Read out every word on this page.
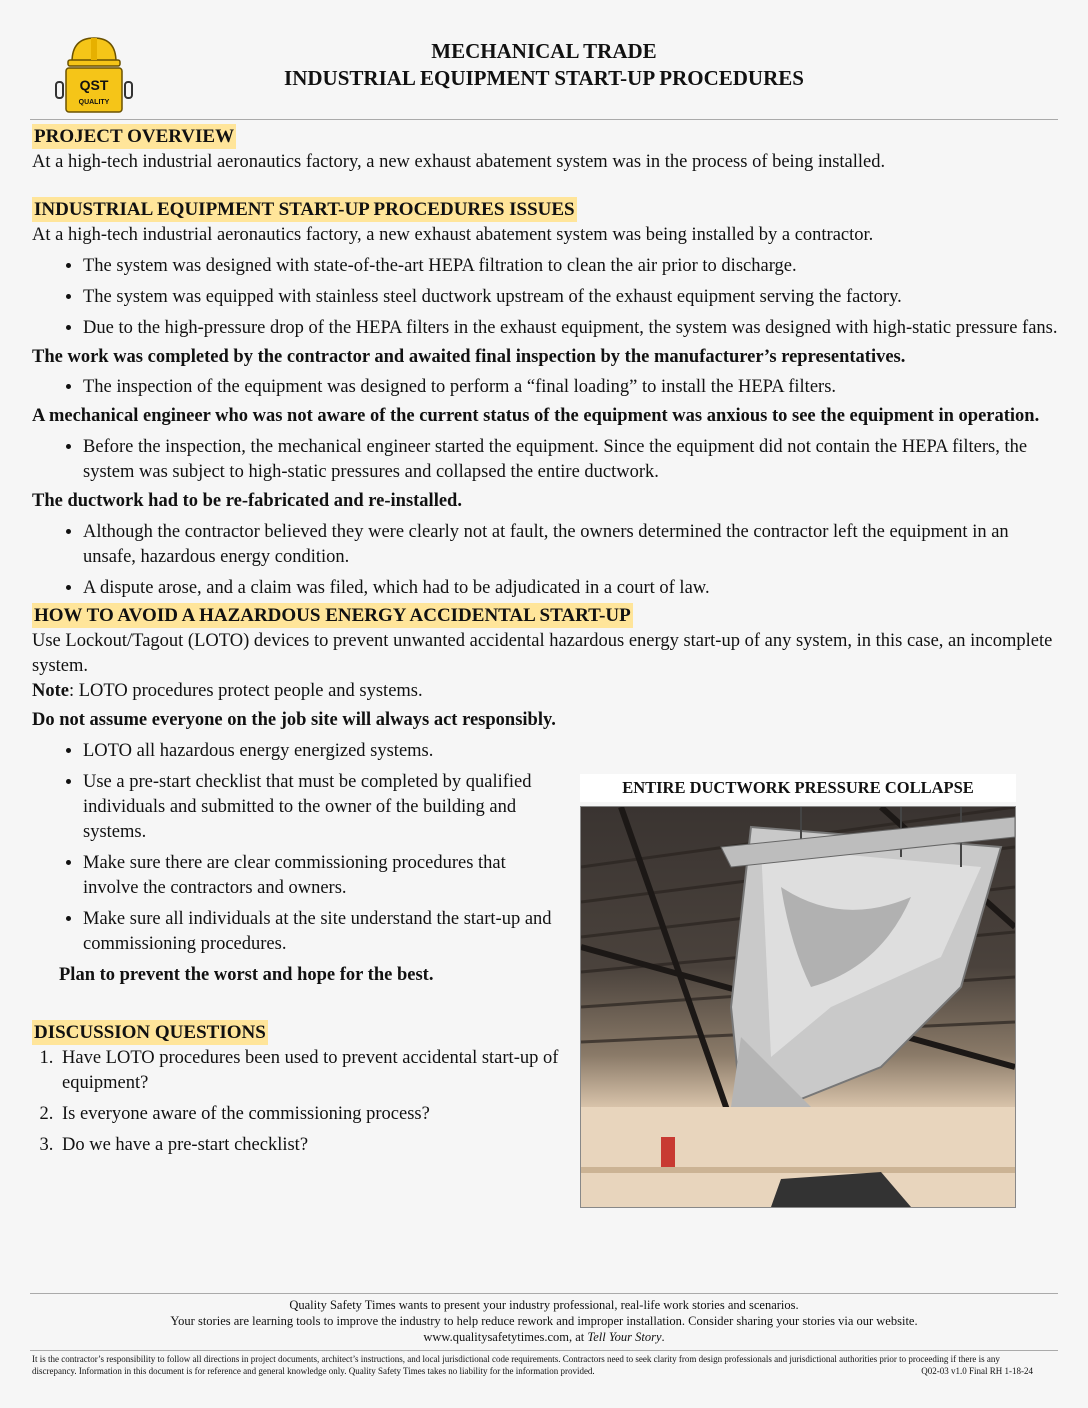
QST
QUALITY
MECHANICAL TRADE
INDUSTRIAL EQUIPMENT START-UP PROCEDURES
PROJECT OVERVIEW

At a high-tech industrial aeronautics factory, a new exhaust abatement system was in the process of being installed.

INDUSTRIAL EQUIPMENT START-UP PROCEDURES ISSUES

At a high-tech industrial aeronautics factory, a new exhaust abatement system was being installed by a contractor.

• The system was designed with state-of-the-art HEPA filtration to clean the air prior to discharge.
• The system was equipped with stainless steel ductwork upstream of the exhaust equipment serving the factory.
• Due to the high-pressure drop of the HEPA filters in the exhaust equipment, the system was designed with high-static pressure fans.

The work was completed by the contractor and awaited final inspection by the manufacturer’s representatives.

• The inspection of the equipment was designed to perform a “final loading” to install the HEPA filters.

A mechanical engineer who was not aware of the current status of the equipment was anxious to see the equipment in operation.

• Before the inspection, the mechanical engineer started the equipment. Since the equipment did not contain the HEPA filters, the system was subject to high-static pressures and collapsed the entire ductwork.

The ductwork had to be re-fabricated and re-installed.

• Although the contractor believed they were clearly not at fault, the owners determined the contractor left the equipment in an unsafe, hazardous energy condition.
• A dispute arose, and a claim was filed, which had to be adjudicated in a court of law.
HOW TO AVOID A HAZARDOUS ENERGY ACCIDENTAL START-UP

Use Lockout/Tagout (LOTO) devices to prevent unwanted accidental hazardous energy start-up of any system, in this case, an incomplete system.

Note: LOTO procedures protect people and systems.

Do not assume everyone on the job site will always act responsibly.

• LOTO all hazardous energy energized systems.
• Use a pre-start checklist that must be completed by qualified individuals and submitted to the owner of the building and systems.
• Make sure there are clear commissioning procedures that involve the contractors and owners.
• Make sure all individuals at the site understand the start-up and commissioning procedures.

Plan to prevent the worst and hope for the best.

DISCUSSION QUESTIONS
1. Have LOTO procedures been used to prevent accidental start-up of equipment?
2. Is everyone aware of the commissioning process?
3. Do we have a pre-start checklist?
ENTIRE DUCTWORK PRESSURE COLLAPSE
Quality Safety Times wants to present your industry professional, real-life work stories and scenarios.
Your stories are learning tools to improve the industry to help reduce rework and improper installation. Consider sharing your stories via our website.
www.qualitysafetytimes.com, at Tell Your Story.
It is the contractor’s responsibility to follow all directions in project documents, architect’s instructions, and local jurisdictional code requirements. Contractors need to seek clarity from design professionals and jurisdictional authorities prior to proceeding if there is any discrepancy. Information in this document is for reference and general knowledge only. Quality Safety Times takes no liability for the information provided.	Q02-03 v1.0 Final RH 1-18-24
